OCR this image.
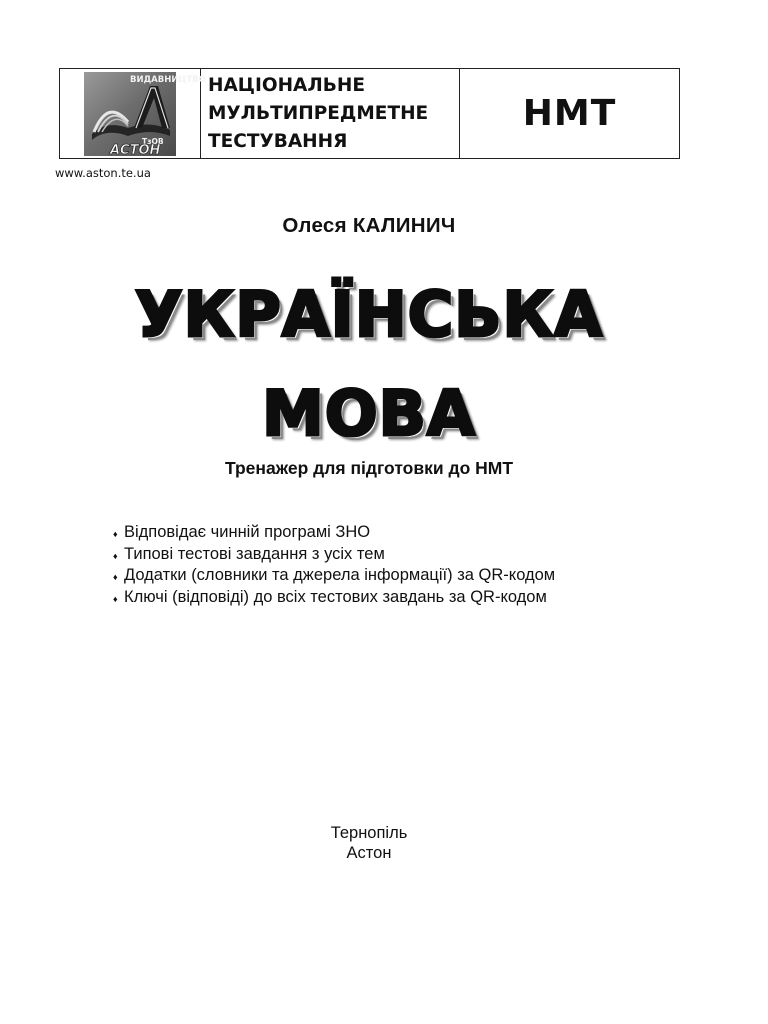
ВИДАВНИЦТВО
ТзОВ
АСТОН
НАЦІОНАЛЬНЕ
МУЛЬТИПРЕДМЕТНЕ
ТЕСТУВАННЯ
НМТ
www.aston.te.ua
Олеся КАЛИНИЧ
УКРАЇНСЬКА
МОВА
Тренажер для підготовки до НМТ
♦ Відповідає чинній програмі ЗНО
♦ Типові тестові завдання з усіх тем
♦ Додатки (словники та джерела інформації) за QR-кодом
♦ Ключі (відповіді) до всіх тестових завдань за QR-кодом
Тернопіль
Астон
